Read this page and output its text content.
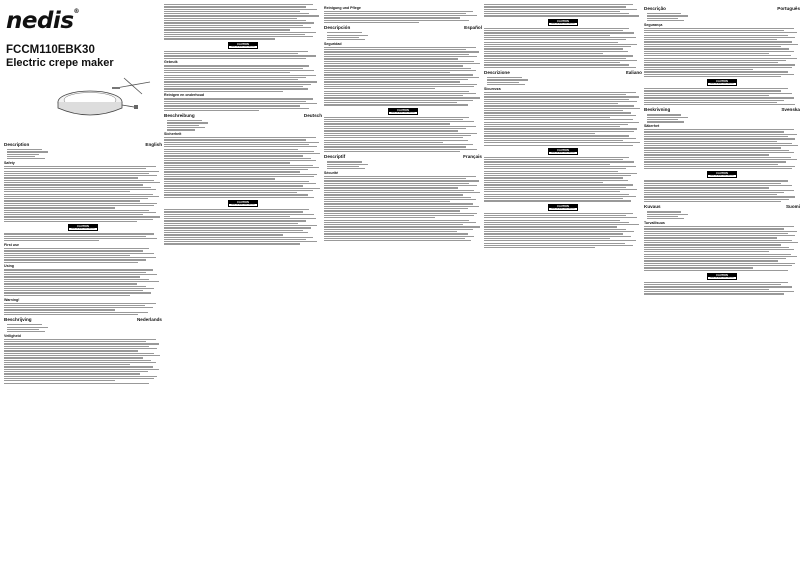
nedis®
FCCM110EBK30
Electric crepe maker
Description	English
Safety
CAUTION
RISK OF ELECTRIC SHOCK
First use
Using
Warning!
Beschrijving	Nederlands
Veiligheid
CAUTION
RISK OF ELECTRIC SHOCK
Gebruik
Reinigen en onderhoud
Beschreibung	Deutsch
Sicherheit
CAUTION
RISK OF ELECTRIC SHOCK
Reinigung und Pflege
Descripción	Español
Seguridad
CAUTION
RISK OF ELECTRIC SHOCK
Descriptif	Français
Sécurité
CAUTION
RISK OF ELECTRIC SHOCK
Descrizione	Italiano
Sicurezza
CAUTION
RISK OF ELECTRIC SHOCK
CAUTION
RISK OF ELECTRIC SHOCK
Descrição	Português
Segurança
CAUTION
RISK OF ELECTRIC SHOCK
Beskrivning	Svenska
Säkerhet
CAUTION
RISK OF ELECTRIC SHOCK
Kuvaus	Suomi
Turvallisuus
CAUTION
RISK OF ELECTRIC SHOCK
